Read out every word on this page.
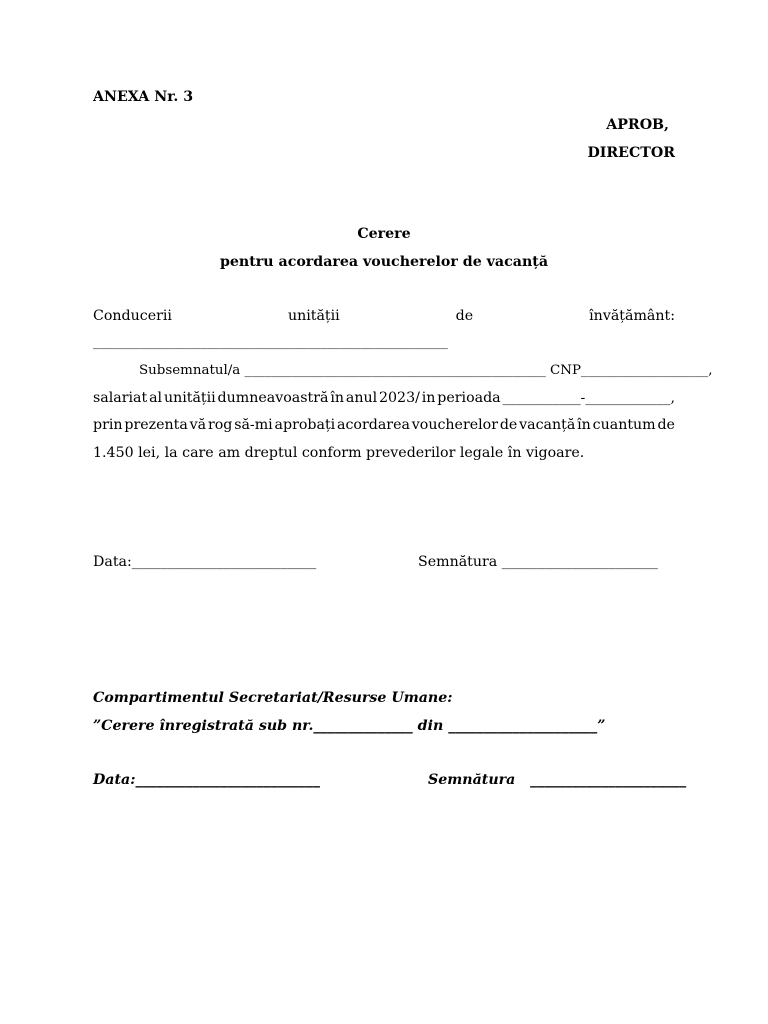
ANEXA Nr. 3
APROB,
DIRECTOR
Cerere
pentru acordarea voucherelor de vacanță
Conducerii	unității	de	învățământ:
_____________________________________________________
Subsemnatul/a _____________________________________________ CNP___________________,
salariat al unității dumneavoastră în anul 2023/ in perioada ___________-____________,
prin prezenta vă rog să-mi aprobați acordarea voucherelor de vacanță în cuantum de
1.450 lei, la care am dreptul conform prevederilor legale în vigoare.
Data:__________________________	Semnătura ______________________
Compartimentul Secretariat/Resurse Umane:
”Cerere înregistrată sub nr.______________ din _____________________”
Data:__________________________	Semnătura   ______________________
